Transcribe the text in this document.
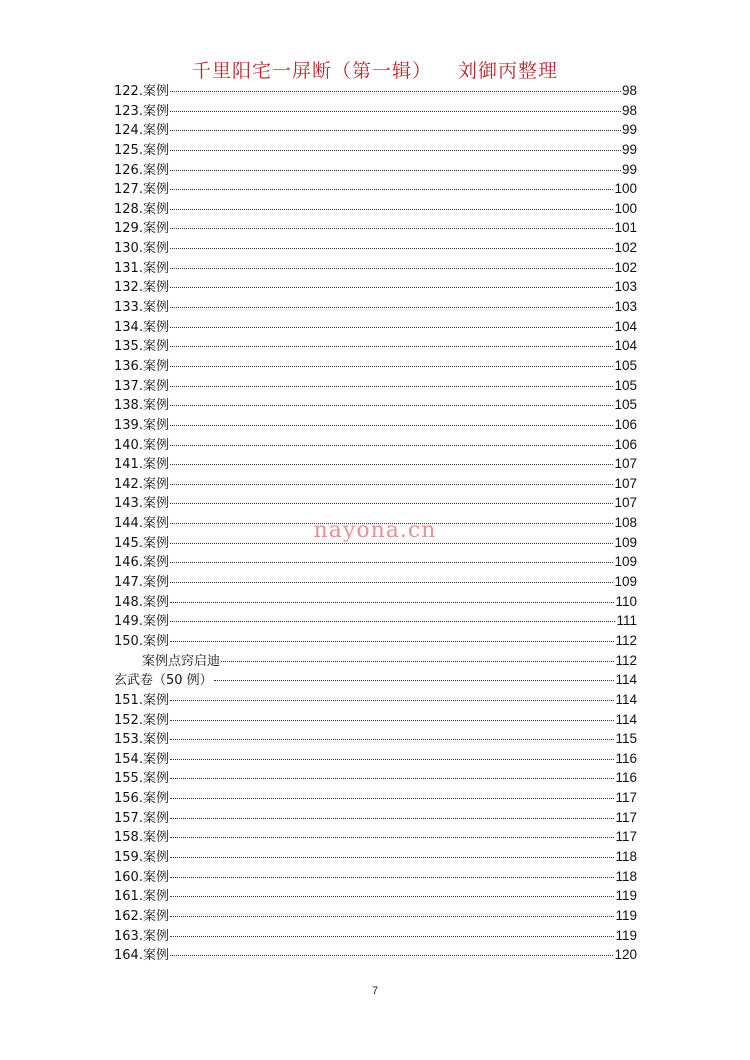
千里阳宅一屏断（第一辑） 刘御丙整理
122.案例	98
123.案例	98
124.案例	99
125.案例	99
126.案例	99
127.案例	100
128.案例	100
129.案例	101
130.案例	102
131.案例	102
132.案例	103
133.案例	103
134.案例	104
135.案例	104
136.案例	105
137.案例	105
138.案例	105
139.案例	106
140.案例	106
141.案例	107
142.案例	107
143.案例	107
144.案例	108
145.案例	109
146.案例	109
147.案例	109
148.案例	110
149.案例	111
150.案例	112
案例点窍启迪	112
玄武卷（50 例）	114
151.案例	114
152.案例	114
153.案例	115
154.案例	116
155.案例	116
156.案例	117
157.案例	117
158.案例	117
159.案例	118
160.案例	118
161.案例	119
162.案例	119
163.案例	119
164.案例	120
nayona.cn
7
